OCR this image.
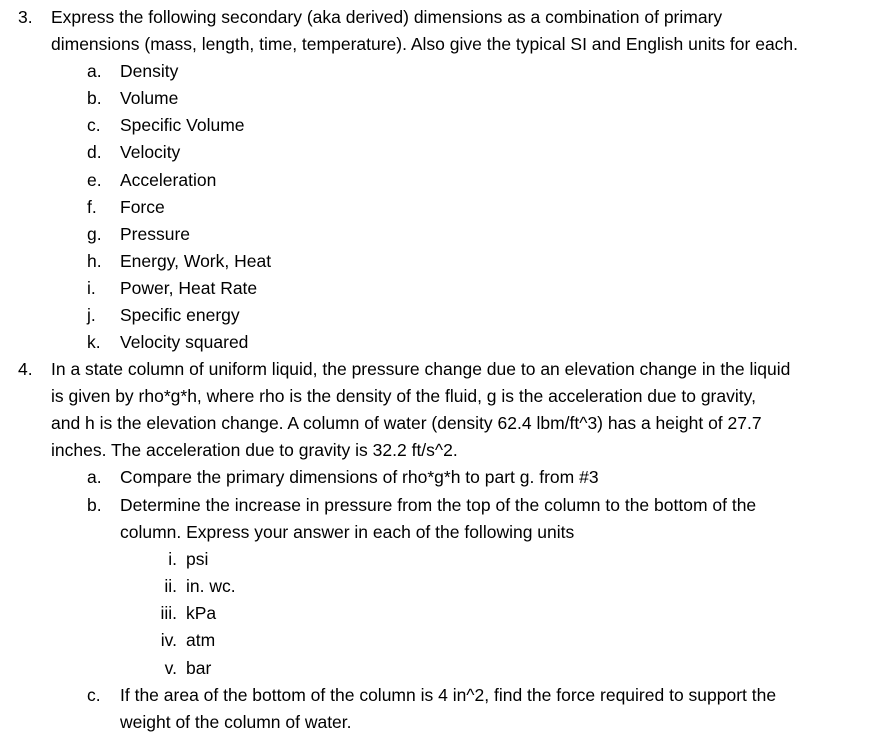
3. Express the following secondary (aka derived) dimensions as a combination of primary
dimensions (mass, length, time, temperature). Also give the typical SI and English units for each.
a. Density
b. Volume
c. Specific Volume
d. Velocity
e. Acceleration
f. Force
g. Pressure
h. Energy, Work, Heat
i. Power, Heat Rate
j. Specific energy
k. Velocity squared
4. In a state column of uniform liquid, the pressure change due to an elevation change in the liquid
is given by rho*g*h, where rho is the density of the fluid, g is the acceleration due to gravity,
and h is the elevation change. A column of water (density 62.4 lbm/ft^3) has a height of 27.7
inches. The acceleration due to gravity is 32.2 ft/s^2.
a. Compare the primary dimensions of rho*g*h to part g. from #3
b. Determine the increase in pressure from the top of the column to the bottom of the
column. Express your answer in each of the following units
i. psi
ii. in. wc.
iii. kPa
iv. atm
v. bar
c. If the area of the bottom of the column is 4 in^2, find the force required to support the
weight of the column of water.
